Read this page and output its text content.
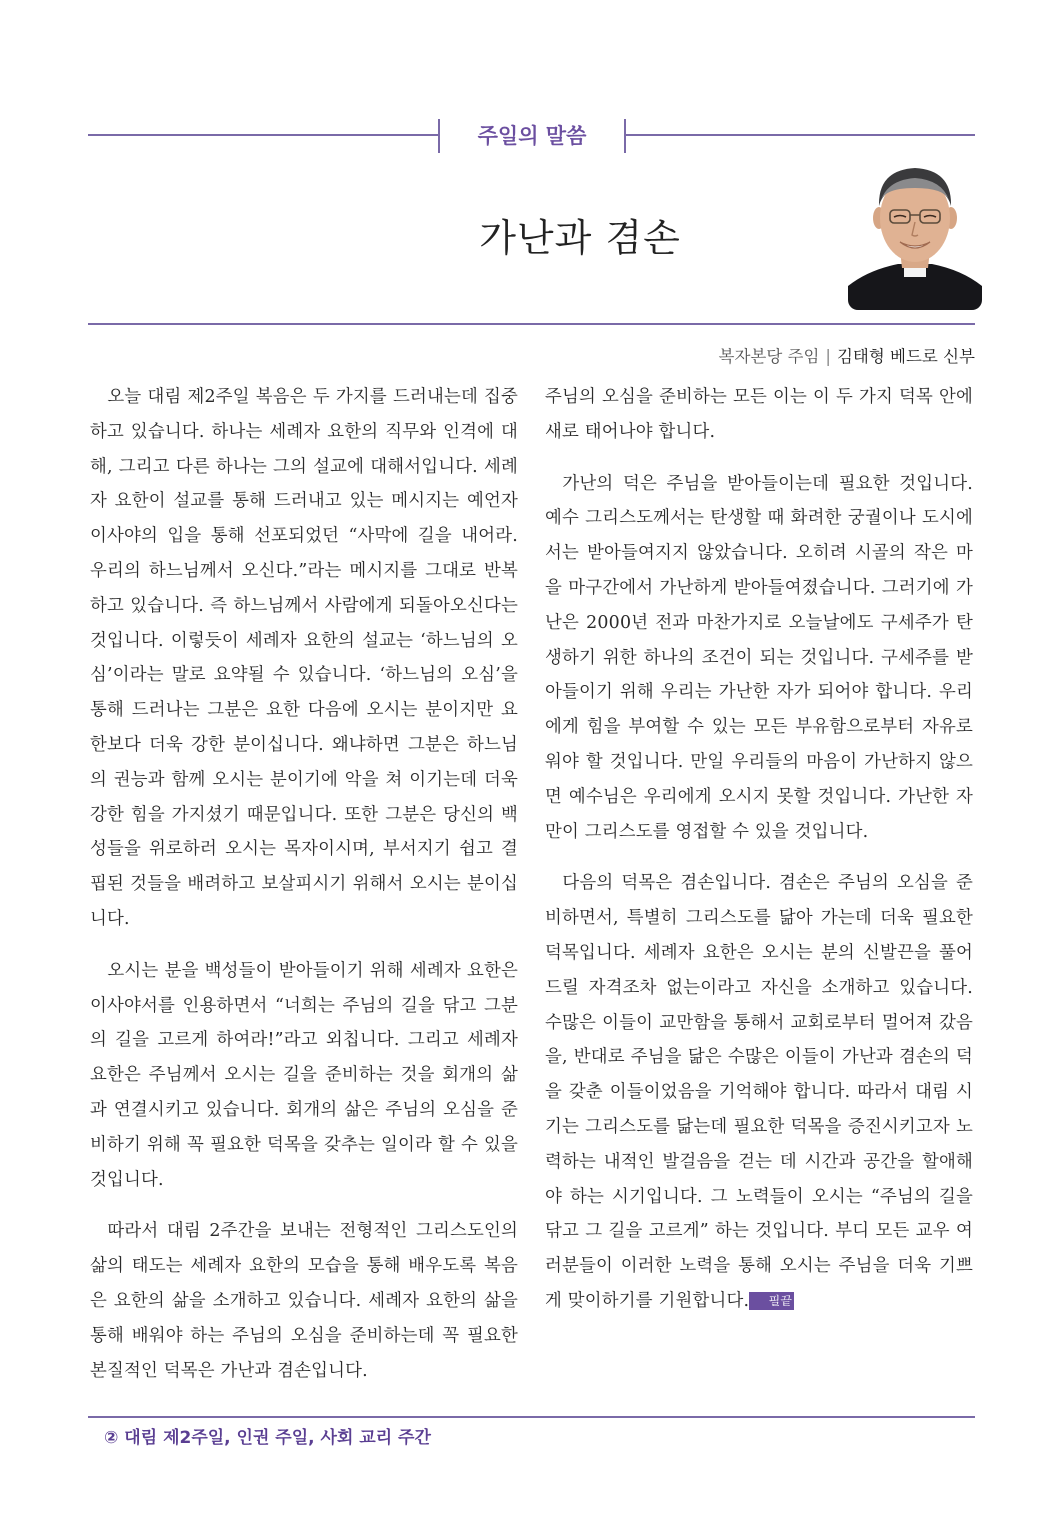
주일의 말씀
가난과 겸손
복자본당 주임 | 김태형 베드로 신부

오늘 대림 제2주일 복음은 두 가지를 드러내는데 집중하고 있습니다. 하나는 세례자 요한의 직무와 인격에 대해, 그리고 다른 하나는 그의 설교에 대해서입니다. 세례자 요한이 설교를 통해 드러내고 있는 메시지는 예언자 이사야의 입을 통해 선포되었던 “사막에 길을 내어라. 우리의 하느님께서 오신다.”라는 메시지를 그대로 반복하고 있습니다. 즉 하느님께서 사람에게 되돌아오신다는 것입니다. 이렇듯이 세례자 요한의 설교는 ‘하느님의 오심’이라는 말로 요약될 수 있습니다. ‘하느님의 오심’을 통해 드러나는 그분은 요한 다음에 오시는 분이지만 요한보다 더욱 강한 분이십니다. 왜냐하면 그분은 하느님의 권능과 함께 오시는 분이기에 악을 쳐 이기는데 더욱 강한 힘을 가지셨기 때문입니다. 또한 그분은 당신의 백성들을 위로하러 오시는 목자이시며, 부서지기 쉽고 결핍된 것들을 배려하고 보살피시기 위해서 오시는 분이십니다.

오시는 분을 백성들이 받아들이기 위해 세례자 요한은 이사야서를 인용하면서 “너희는 주님의 길을 닦고 그분의 길을 고르게 하여라!”라고 외칩니다. 그리고 세례자 요한은 주님께서 오시는 길을 준비하는 것을 회개의 삶과 연결시키고 있습니다. 회개의 삶은 주님의 오심을 준비하기 위해 꼭 필요한 덕목을 갖추는 일이라 할 수 있을 것입니다.

따라서 대림 2주간을 보내는 전형적인 그리스도인의 삶의 태도는 세례자 요한의 모습을 통해 배우도록 복음은 요한의 삶을 소개하고 있습니다. 세례자 요한의 삶을 통해 배워야 하는 주님의 오심을 준비하는데 꼭 필요한 본질적인 덕목은 가난과 겸손입니다.

주님의 오심을 준비하는 모든 이는 이 두 가지 덕목 안에 새로 태어나야 합니다.

가난의 덕은 주님을 받아들이는데 필요한 것입니다. 예수 그리스도께서는 탄생할 때 화려한 궁궐이나 도시에서는 받아들여지지 않았습니다. 오히려 시골의 작은 마을 마구간에서 가난하게 받아들여졌습니다. 그러기에 가난은 2000년 전과 마찬가지로 오늘날에도 구세주가 탄생하기 위한 하나의 조건이 되는 것입니다. 구세주를 받아들이기 위해 우리는 가난한 자가 되어야 합니다. 우리에게 힘을 부여할 수 있는 모든 부유함으로부터 자유로워야 할 것입니다. 만일 우리들의 마음이 가난하지 않으면 예수님은 우리에게 오시지 못할 것입니다. 가난한 자만이 그리스도를 영접할 수 있을 것입니다.

다음의 덕목은 겸손입니다. 겸손은 주님의 오심을 준비하면서, 특별히 그리스도를 닮아 가는데 더욱 필요한 덕목입니다. 세례자 요한은 오시는 분의 신발끈을 풀어드릴 자격조차 없는이라고 자신을 소개하고 있습니다. 수많은 이들이 교만함을 통해서 교회로부터 멀어져 갔음을, 반대로 주님을 닮은 수많은 이들이 가난과 겸손의 덕을 갖춘 이들이었음을 기억해야 합니다. 따라서 대림 시기는 그리스도를 닮는데 필요한 덕목을 증진시키고자 노력하는 내적인 발걸음을 걷는 데 시간과 공간을 할애해야 하는 시기입니다. 그 노력들이 오시는 “주님의 길을 닦고 그 길을 고르게” 하는 것입니다. 부디 모든 교우 여러분들이 이러한 노력을 통해 오시는 주님을 더욱 기쁘게 맞이하기를 기원합니다. 필끝

② 대림 제2주일, 인권 주일, 사회 교리 주간
